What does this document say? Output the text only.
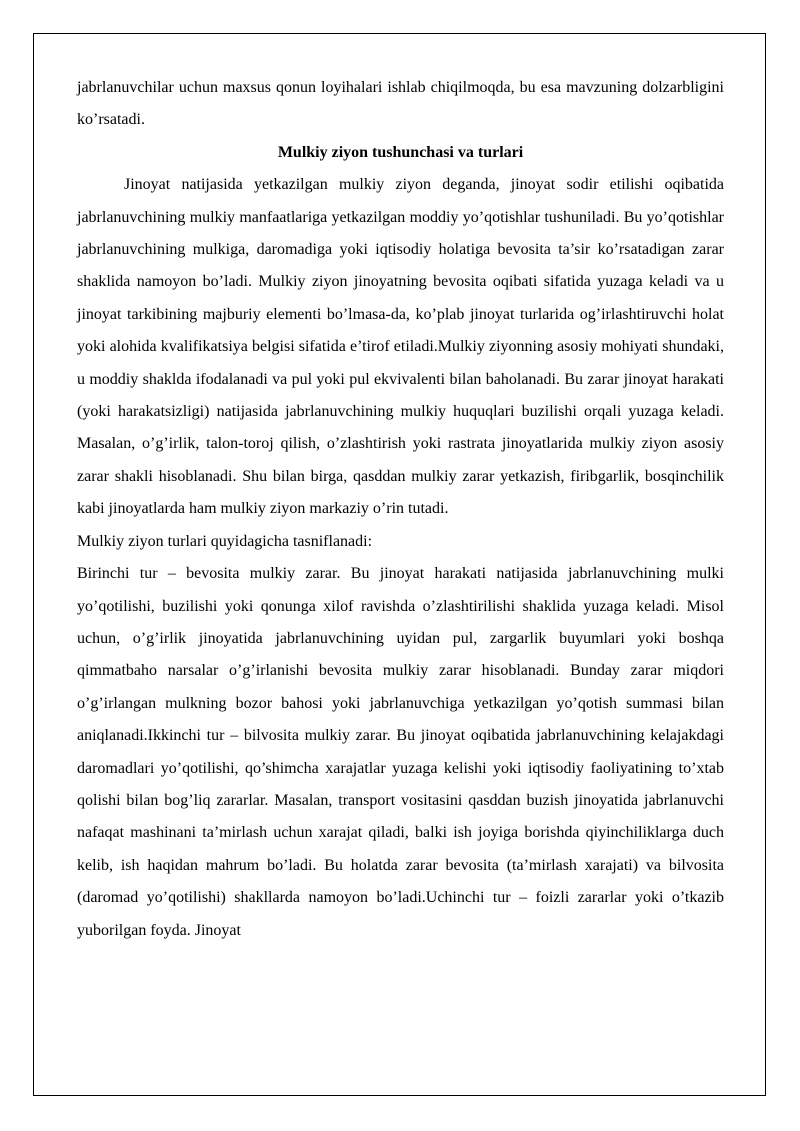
jabrlanuvchilar uchun maxsus qonun loyihalari ishlab chiqilmoqda, bu esa mavzuning dolzarbligini ko’rsatadi.

Mulkiy ziyon tushunchasi va turlari

Jinoyat natijasida yetkazilgan mulkiy ziyon deganda, jinoyat sodir etilishi oqibatida jabrlanuvchining mulkiy manfaatlariga yetkazilgan moddiy yo’qotishlar tushuniladi. Bu yo’qotishlar jabrlanuvchining mulkiga, daromadiga yoki iqtisodiy holatiga bevosita ta’sir ko’rsatadigan zarar shaklida namoyon bo’ladi. Mulkiy ziyon jinoyatning bevosita oqibati sifatida yuzaga keladi va u jinoyat tarkibining majburiy elementi bo’lmasa-da, ko’plab jinoyat turlarida og’irlashtiruvchi holat yoki alohida kvalifikatsiya belgisi sifatida e’tirof etiladi.Mulkiy ziyonning asosiy mohiyati shundaki, u moddiy shaklda ifodalanadi va pul yoki pul ekvivalenti bilan baholanadi. Bu zarar jinoyat harakati (yoki harakatsizligi) natijasida jabrlanuvchining mulkiy huquqlari buzilishi orqali yuzaga keladi. Masalan, o’g’irlik, talon-toroj qilish, o’zlashtirish yoki rastrata jinoyatlarida mulkiy ziyon asosiy zarar shakli hisoblanadi. Shu bilan birga, qasddan mulkiy zarar yetkazish, firibgarlik, bosqinchilik kabi jinoyatlarda ham mulkiy ziyon markaziy o’rin tutadi.

Mulkiy ziyon turlari quyidagicha tasniflanadi:

Birinchi tur – bevosita mulkiy zarar. Bu jinoyat harakati natijasida jabrlanuvchining mulki yo’qotilishi, buzilishi yoki qonunga xilof ravishda o’zlashtirilishi shaklida yuzaga keladi. Misol uchun, o’g’irlik jinoyatida jabrlanuvchining uyidan pul, zargarlik buyumlari yoki boshqa qimmatbaho narsalar o’g’irlanishi bevosita mulkiy zarar hisoblanadi. Bunday zarar miqdori o’g’irlangan mulkning bozor bahosi yoki jabrlanuvchiga yetkazilgan yo’qotish summasi bilan aniqlanadi.Ikkinchi tur – bilvosita mulkiy zarar. Bu jinoyat oqibatida jabrlanuvchining kelajakdagi daromadlari yo’qotilishi, qo’shimcha xarajatlar yuzaga kelishi yoki iqtisodiy faoliyatining to’xtab qolishi bilan bog’liq zararlar. Masalan, transport vositasini qasddan buzish jinoyatida jabrlanuvchi nafaqat mashinani ta’mirlash uchun xarajat qiladi, balki ish joyiga borishda qiyinchiliklarga duch kelib, ish haqidan mahrum bo’ladi. Bu holatda zarar bevosita (ta’mirlash xarajati) va bilvosita (daromad yo’qotilishi) shakllarda namoyon bo’ladi.Uchinchi tur – foizli zararlar yoki o’tkazib yuborilgan foyda. Jinoyat
